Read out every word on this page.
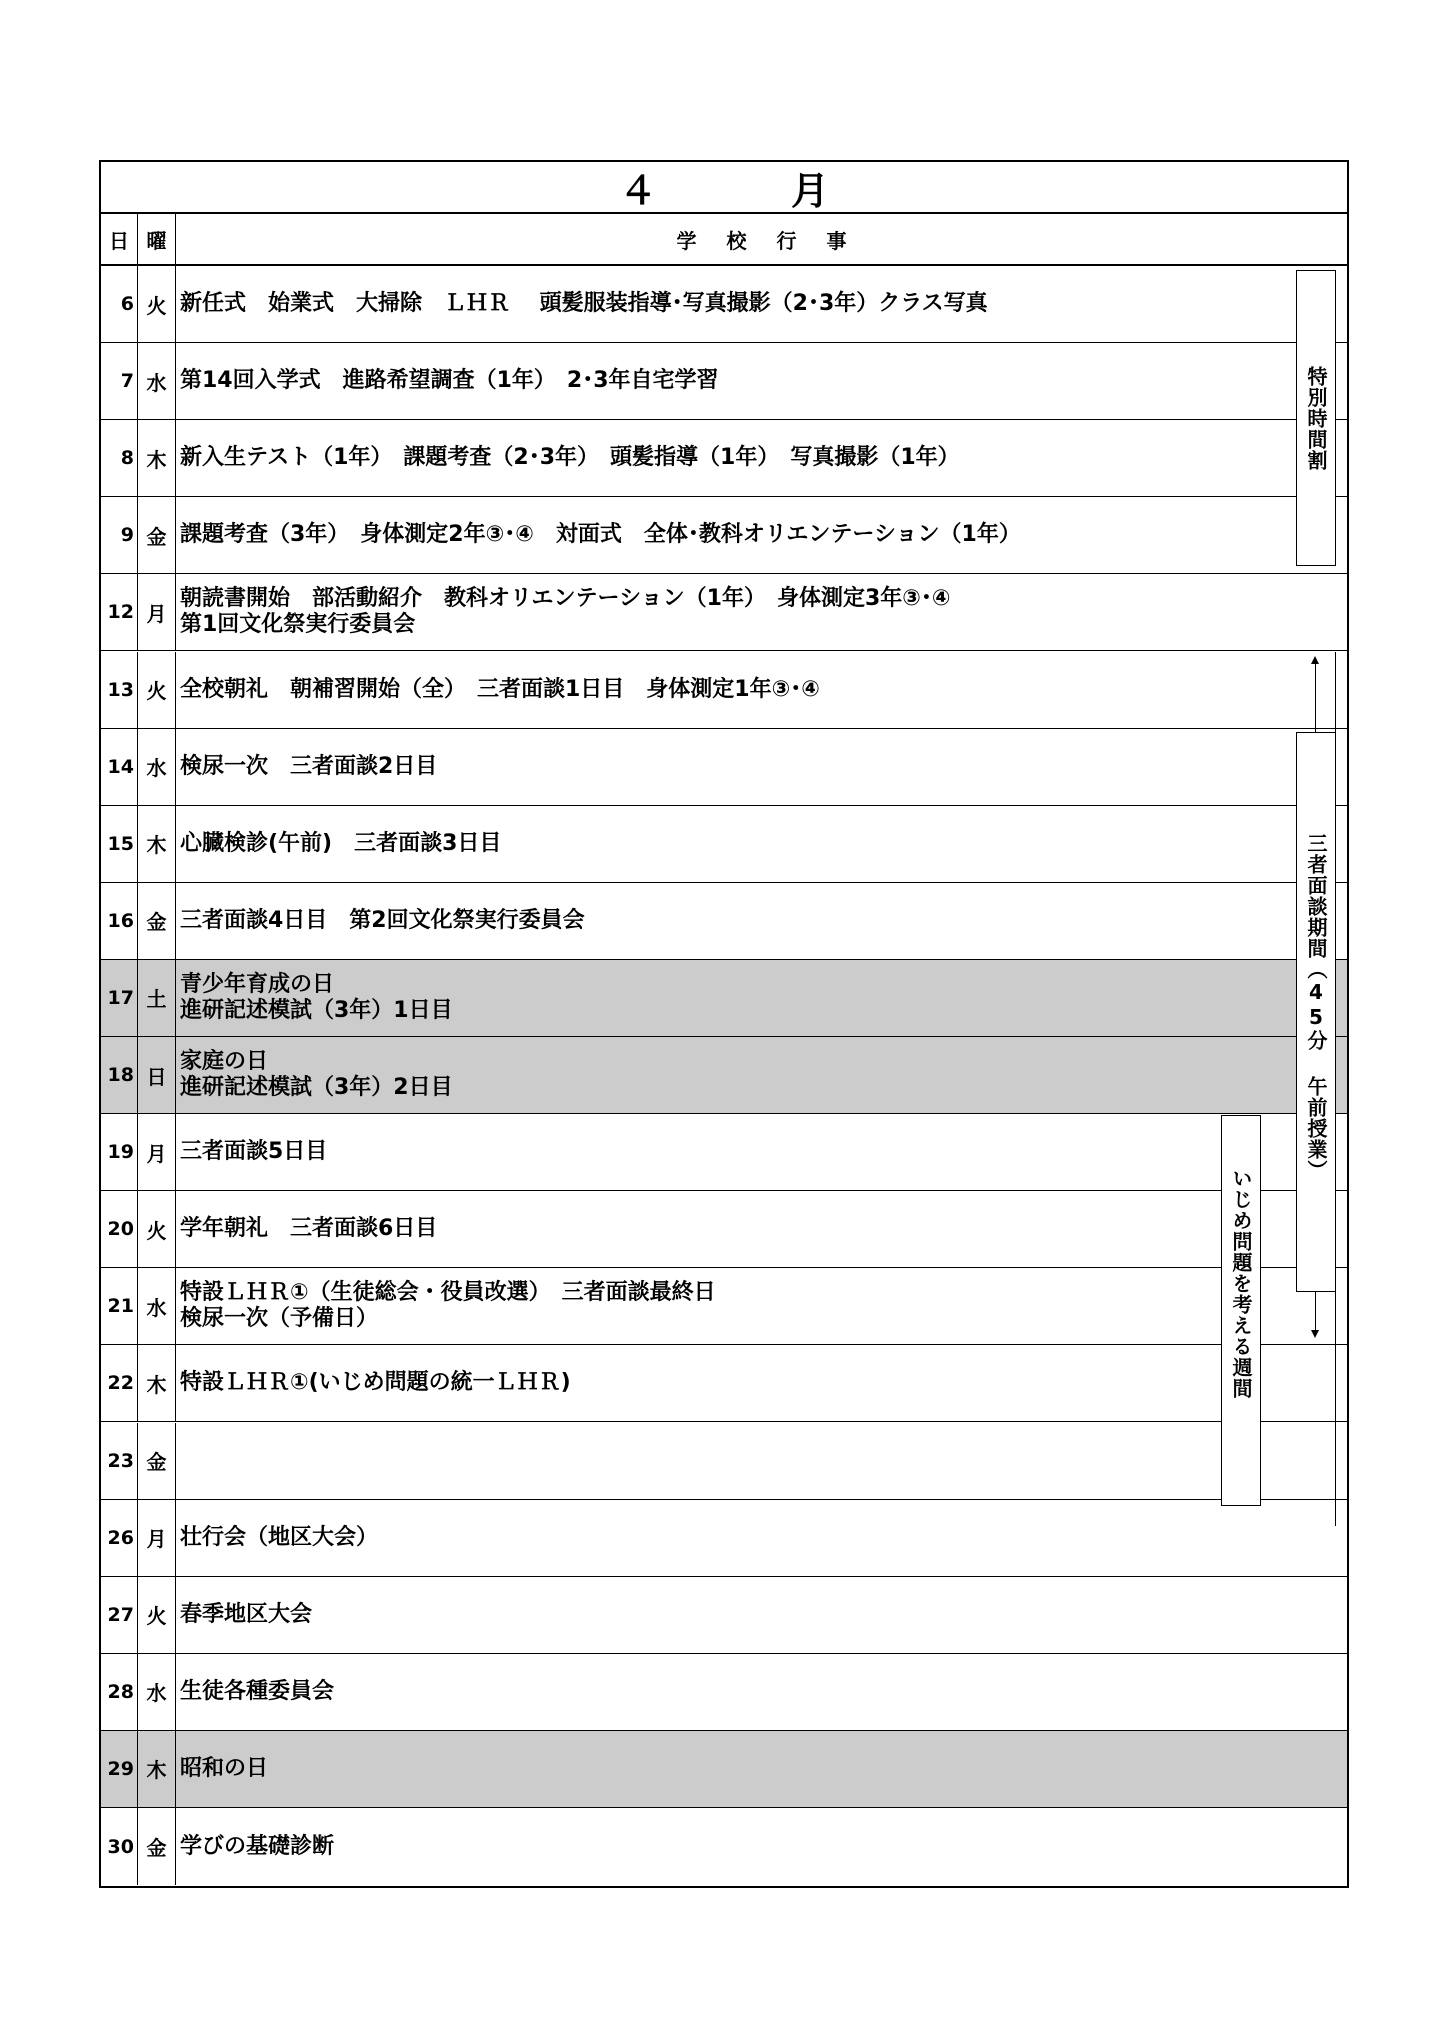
４　月
日 曜	学校行事
6 火 新任式　始業式　大掃除　ＬＨＲ　 頭髪服装指導･写真撮影（2･3年）クラス写真
7 水 第14回入学式　進路希望調査（1年）　2･3年自宅学習
8 木 新入生テスト（1年）　課題考査（2･3年）　頭髪指導（1年）　写真撮影（1年）
9 金 課題考査（3年）　身体測定2年③･④　対面式　全体･教科オリエンテーション（1年）
12 月
朝読書開始　部活動紹介　教科オリエンテーション（1年）　身体測定3年③･④
第1回文化祭実行委員会
13 火 全校朝礼　朝補習開始（全）　三者面談1日目　身体測定1年③･④
14 水 検尿一次　三者面談2日目
15 木 心臓検診(午前)　三者面談3日目
16 金 三者面談4日目　第2回文化祭実行委員会
17 土
青少年育成の日
進研記述模試（3年）1日目
18 日
家庭の日
進研記述模試（3年）2日目
19 月 三者面談5日目
20 火 学年朝礼　三者面談6日目
21 水
特設ＬＨＲ①（生徒総会・役員改選）　三者面談最終日
検尿一次（予備日）
22 木 特設ＬＨＲ①(いじめ問題の統一ＬＨＲ)
23 金
26 月 壮行会（地区大会）
27 火 春季地区大会
28 水 生徒各種委員会
29 木 昭和の日
30 金 学びの基礎診断
特別時間割
三者面談期間（45分 午前授業）
いじめ問題を考える週間
